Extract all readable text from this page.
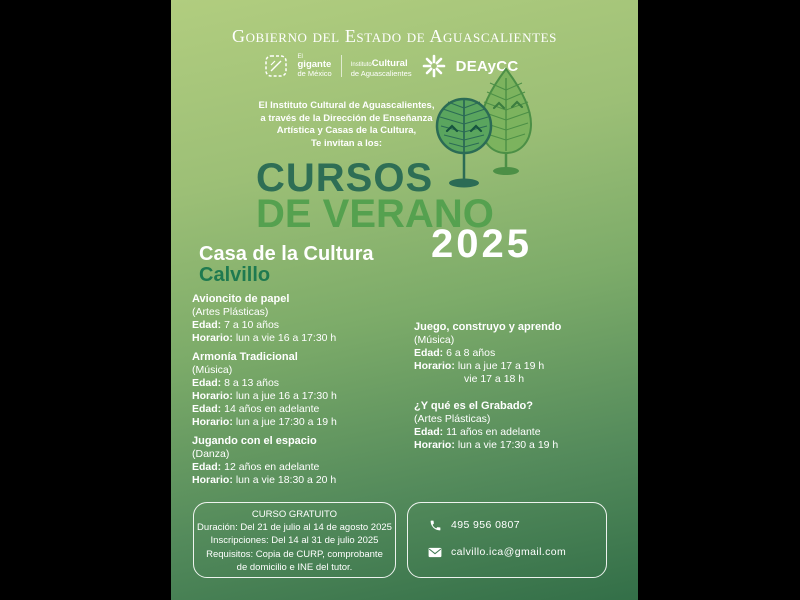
Gobierno del Estado de Aguascalientes
El
gigante
de México
InstitutoCultural
de Aguascalientes	DEAyCC
El Instituto Cultural de Aguascalientes,
a través de la Dirección de Enseñanza
Artística y Casas de la Cultura,
Te invitan a los:
CURSOS
DE VERANO
2025
Casa de la Cultura
Calvillo
Avioncito de papel
(Artes Plásticas)
Edad: 7 a 10 años
Horario: lun a vie 16 a 17:30 h
Armonía Tradicional
(Música)
Edad: 8 a 13 años
Horario: lun a jue 16 a 17:30 h
Edad: 14 años en adelante
Horario: lun a jue 17:30 a 19 h
Jugando con el espacio
(Danza)
Edad: 12 años en adelante
Horario: lun a vie 18:30 a 20 h
Juego, construyo y aprendo
(Música)
Edad: 6 a 8 años
Horario: lun a jue 17 a 19 h
vie 17 a 18 h
¿Y qué es el Grabado?
(Artes Plásticas)
Edad: 11 años en adelante
Horario: lun a vie 17:30 a 19 h
CURSO GRATUITO
Duración: Del 21 de julio al 14 de agosto 2025
Inscripciones: Del 14 al 31 de julio 2025
Requisitos: Copia de CURP, comprobante
de domicilio e INE del tutor.
495 956 0807
calvillo.ica@gmail.com
